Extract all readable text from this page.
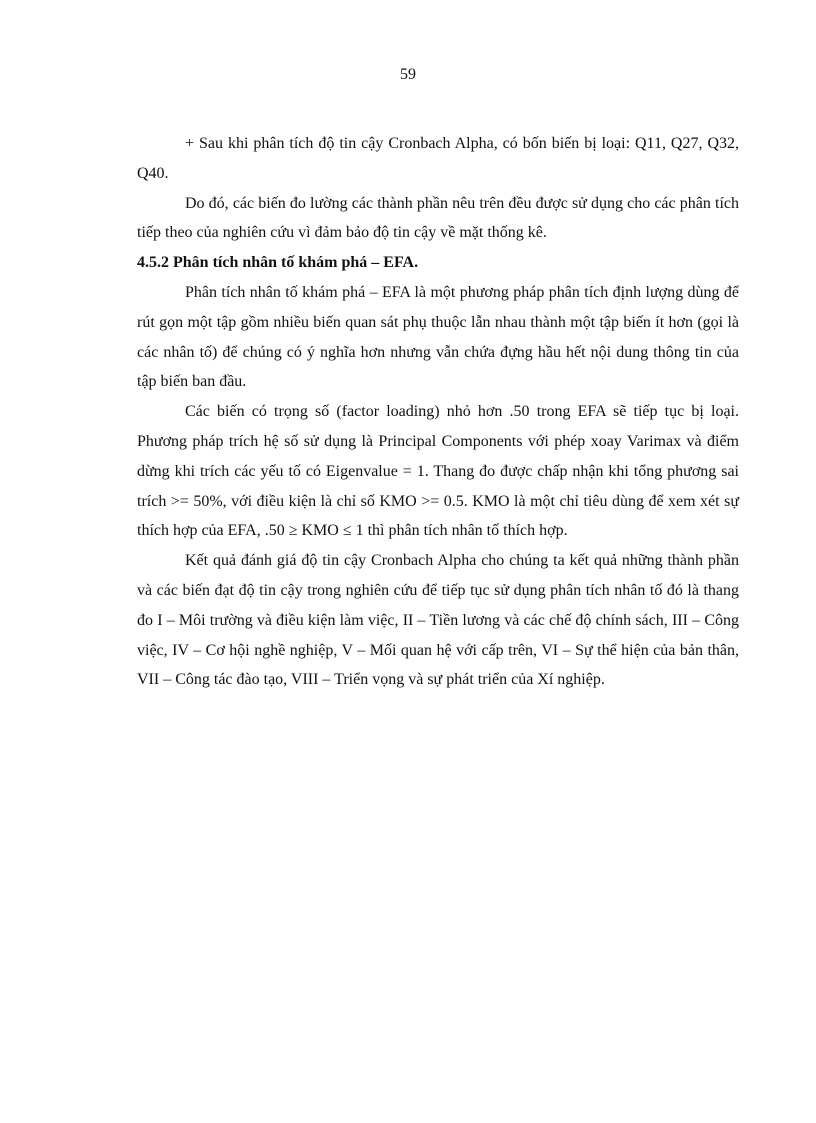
59

+ Sau khi phân tích độ tin cậy Cronbach Alpha, có bốn biến bị loại: Q11, Q27, Q32, Q40.

Do đó, các biến đo lường các thành phần nêu trên đều được sử dụng cho các phân tích tiếp theo của nghiên cứu vì đảm bảo độ tin cậy về mặt thống kê.

4.5.2 Phân tích nhân tố khám phá – EFA.

Phân tích nhân tố khám phá – EFA là một phương pháp phân tích định lượng dùng để rút gọn một tập gồm nhiều biến quan sát phụ thuộc lẫn nhau thành một tập biến ít hơn (gọi là các nhân tố) để chúng có ý nghĩa hơn nhưng vẫn chứa đựng hầu hết nội dung thông tin của tập biến ban đầu.

Các biến có trọng số (factor loading) nhỏ hơn .50 trong EFA sẽ tiếp tục bị loại. Phương pháp trích hệ số sử dụng là Principal Components với phép xoay Varimax và điểm dừng khi trích các yếu tố có Eigenvalue = 1. Thang đo được chấp nhận khi tổng phương sai trích >= 50%, với điều kiện là chỉ số KMO >= 0.5. KMO là một chỉ tiêu dùng để xem xét sự thích hợp của EFA, .50 ≥ KMO ≤ 1 thì phân tích nhân tố thích hợp.

Kết quả đánh giá độ tin cậy Cronbach Alpha cho chúng ta kết quả những thành phần và các biến đạt độ tin cậy trong nghiên cứu để tiếp tục sử dụng phân tích nhân tố đó là thang đo I – Môi trường và điều kiện làm việc, II – Tiền lương và các chế độ chính sách, III – Công việc, IV – Cơ hội nghề nghiệp, V – Mối quan hệ với cấp trên, VI – Sự thể hiện của bản thân, VII – Công tác đào tạo, VIII – Triển vọng và sự phát triển của Xí nghiệp.
